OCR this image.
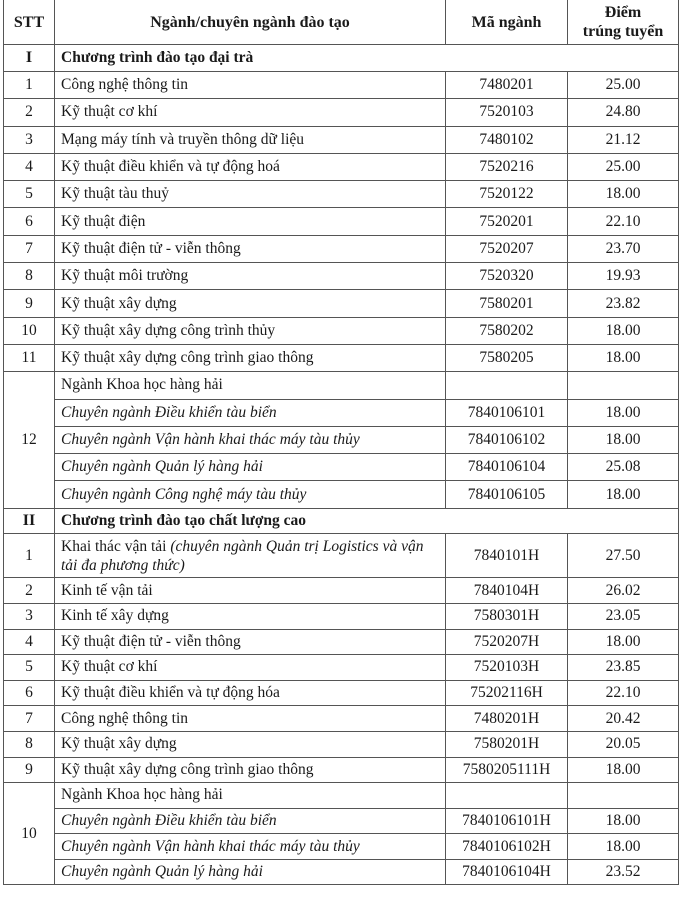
STT	Ngành/chuyên ngành đào tạo	Mã ngành	Điểm
trúng tuyển
I	Chương trình đào tạo đại trà		
1	Công nghệ thông tin	7480201	25.00
2	Kỹ thuật cơ khí	7520103	24.80
3	Mạng máy tính và truyền thông dữ liệu	7480102	21.12
4	Kỹ thuật điều khiển và tự động hoá	7520216	25.00
5	Kỹ thuật tàu thuỷ	7520122	18.00
6	Kỹ thuật điện	7520201	22.10
7	Kỹ thuật điện tử - viễn thông	7520207	23.70
8	Kỹ thuật môi trường	7520320	19.93
9	Kỹ thuật xây dựng	7580201	23.82
10	Kỹ thuật xây dựng công trình thủy	7580202	18.00
11	Kỹ thuật xây dựng công trình giao thông	7580205	18.00
12	Ngành Khoa học hàng hải		
	Chuyên ngành Điều khiển tàu biển	7840106101	18.00
	Chuyên ngành Vận hành khai thác máy tàu thủy	7840106102	18.00
	Chuyên ngành Quản lý hàng hải	7840106104	25.08
	Chuyên ngành Công nghệ máy tàu thủy	7840106105	18.00
II	Chương trình đào tạo chất lượng cao		
1	Khai thác vận tải (chuyên ngành Quản trị Logistics và vận tải đa phương thức)	7840101H	27.50
2	Kinh tế vận tải	7840104H	26.02
3	Kinh tế xây dựng	7580301H	23.05
4	Kỹ thuật điện tử - viễn thông	7520207H	18.00
5	Kỹ thuật cơ khí	7520103H	23.85
6	Kỹ thuật điều khiển và tự động hóa	75202116H	22.10
7	Công nghệ thông tin	7480201H	20.42
8	Kỹ thuật xây dựng	7580201H	20.05
9	Kỹ thuật xây dựng công trình giao thông	7580205111H	18.00
10	Ngành Khoa học hàng hải		
	Chuyên ngành Điều khiển tàu biển	7840106101H	18.00
	Chuyên ngành Vận hành khai thác máy tàu thủy	7840106102H	18.00
	Chuyên ngành Quản lý hàng hải	7840106104H	23.52
